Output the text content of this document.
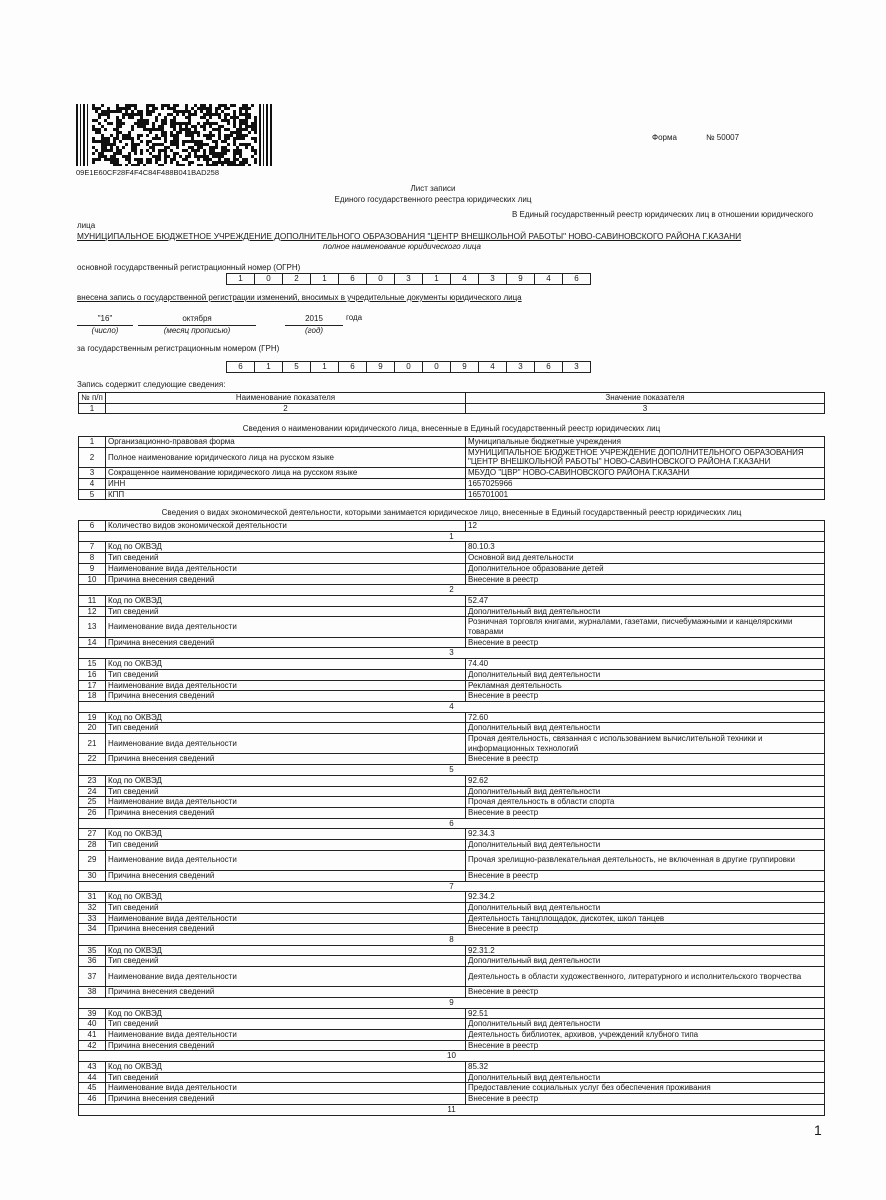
09E1E60CF28F4F4C84F488B041BAD258
Форма	№ 50007
Лист записи
Единого государственного реестра юридических лиц
В Единый государственный реестр юридических лиц в отношении юридического
лица
МУНИЦИПАЛЬНОЕ БЮДЖЕТНОЕ УЧРЕЖДЕНИЕ ДОПОЛНИТЕЛЬНОГО ОБРАЗОВАНИЯ "ЦЕНТР ВНЕШКОЛЬНОЙ РАБОТЫ" НОВО-САВИНОВСКОГО РАЙОНА Г.КАЗАНИ
полное наименование юридического лица
основной государственный регистрационный номер (ОГРН)
1	0	2	1	6	0	3	1	4	3	9	4	6
внесена запись о государственной регистрации изменений, вносимых в учредительные документы юридического лица
"16"
(число)
октября
(месяц прописью)
2015
(год)
года
за государственным регистрационным номером (ГРН)
6	1	5	1	6	9	0	0	9	4	3	6	3
Запись содержит следующие сведения:
№ п/п	Наименование показателя	Значение показателя
1	2	3
Сведения о наименовании юридического лица, внесенные в Единый государственный реестр юридических лиц
1	Организационно-правовая форма	Муниципальные бюджетные учреждения
2	Полное наименование юридического лица на русском языке	МУНИЦИПАЛЬНОЕ БЮДЖЕТНОЕ УЧРЕЖДЕНИЕ ДОПОЛНИТЕЛЬНОГО ОБРАЗОВАНИЯ "ЦЕНТР ВНЕШКОЛЬНОЙ РАБОТЫ" НОВО-САВИНОВСКОГО РАЙОНА Г.КАЗАНИ
3	Сокращенное наименование юридического лица на русском языке	МБУДО "ЦВР" НОВО-САВИНОВСКОГО РАЙОНА Г.КАЗАНИ
4	ИНН	1657025966
5	КПП	165701001
Сведения о видах экономической деятельности, которыми занимается юридическое лицо, внесенные в Единый государственный реестр юридических лиц
6	Количество видов экономической деятельности	12
1		
7	Код по ОКВЭД	80.10.3
8	Тип сведений	Основной вид деятельности
9	Наименование вида деятельности	Дополнительное образование детей
10	Причина внесения сведений	Внесение в реестр
2		
11	Код по ОКВЭД	52.47
12	Тип сведений	Дополнительный вид деятельности
13	Наименование вида деятельности	Розничная торговля книгами, журналами, газетами, писчебумажными и канцелярскими товарами
14	Причина внесения сведений	Внесение в реестр
3		
15	Код по ОКВЭД	74.40
16	Тип сведений	Дополнительный вид деятельности
17	Наименование вида деятельности	Рекламная деятельность
18	Причина внесения сведений	Внесение в реестр
4		
19	Код по ОКВЭД	72.60
20	Тип сведений	Дополнительный вид деятельности
21	Наименование вида деятельности	Прочая деятельность, связанная с использованием вычислительной техники и информационных технологий
22	Причина внесения сведений	Внесение в реестр
5		
23	Код по ОКВЭД	92.62
24	Тип сведений	Дополнительный вид деятельности
25	Наименование вида деятельности	Прочая деятельность в области спорта
26	Причина внесения сведений	Внесение в реестр
6		
27	Код по ОКВЭД	92.34.3
28	Тип сведений	Дополнительный вид деятельности
29	Наименование вида деятельности	Прочая зрелищно-развлекательная деятельность, не включенная в другие группировки
30	Причина внесения сведений	Внесение в реестр
7		
31	Код по ОКВЭД	92.34.2
32	Тип сведений	Дополнительный вид деятельности
33	Наименование вида деятельности	Деятельность танцплощадок, дискотек, школ танцев
34	Причина внесения сведений	Внесение в реестр
8		
35	Код по ОКВЭД	92.31.2
36	Тип сведений	Дополнительный вид деятельности
37	Наименование вида деятельности	Деятельность в области художественного, литературного и исполнительского творчества
38	Причина внесения сведений	Внесение в реестр
9		
39	Код по ОКВЭД	92.51
40	Тип сведений	Дополнительный вид деятельности
41	Наименование вида деятельности	Деятельность библиотек, архивов, учреждений клубного типа
42	Причина внесения сведений	Внесение в реестр
10		
43	Код по ОКВЭД	85.32
44	Тип сведений	Дополнительный вид деятельности
45	Наименование вида деятельности	Предоставление социальных услуг без обеспечения проживания
46	Причина внесения сведений	Внесение в реестр
11		
1
